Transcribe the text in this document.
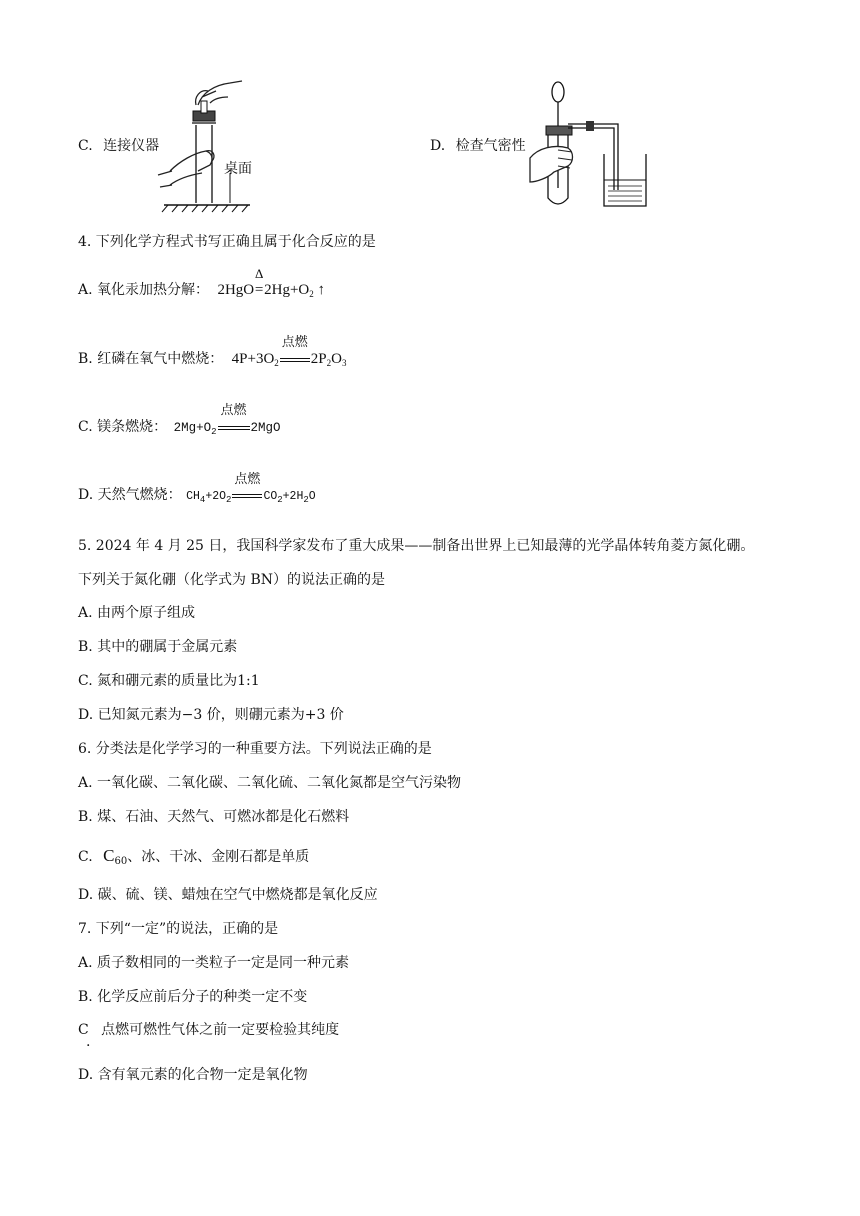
C. 连接仪器
桌面
D. 检查气密性
4. 下列化学方程式书写正确且属于化合反应的是
A. 氧化汞加热分解： 2HgO
Δ
$=2Hg+O_2$ ↑
B. 红磷在氧气中燃烧： $4P+3O_2$
点燃
$2P_2O_3$
C. 镁条燃烧： $2Mg+O_2$
点燃
2MgO
D. 天然气燃烧： $CH_4+2O_2$
点燃
$CO_2+2H_2O$
5. 2024 年 4 月 25 日，我国科学家发布了重大成果——制备出世界上已知最薄的光学晶体转角菱方氮化硼。
下列关于氮化硼（化学式为 BN）的说法正确的是
A. 由两个原子组成
B. 其中的硼属于金属元素
C. 氮和硼元素的质量比为1:1
D. 已知氮元素为−3 价，则硼元素为+3 价
6. 分类法是化学学习的一种重要方法。下列说法正确的是
A. 一氧化碳、二氧化碳、二氧化硫、二氧化氮都是空气污染物
B. 煤、石油、天然气、可燃冰都是化石燃料
C. $C_{60}$、冰、干冰、金刚石都是单质
D. 碳、硫、镁、蜡烛在空气中燃烧都是氧化反应
7. 下列“一定”的说法，正确的是
A. 质子数相同的一类粒子一定是同一种元素
B. 化学反应前后分子的种类一定不变
C 点燃可燃性气体之前一定要检验其纯度
.
D. 含有氧元素的化合物一定是氧化物
